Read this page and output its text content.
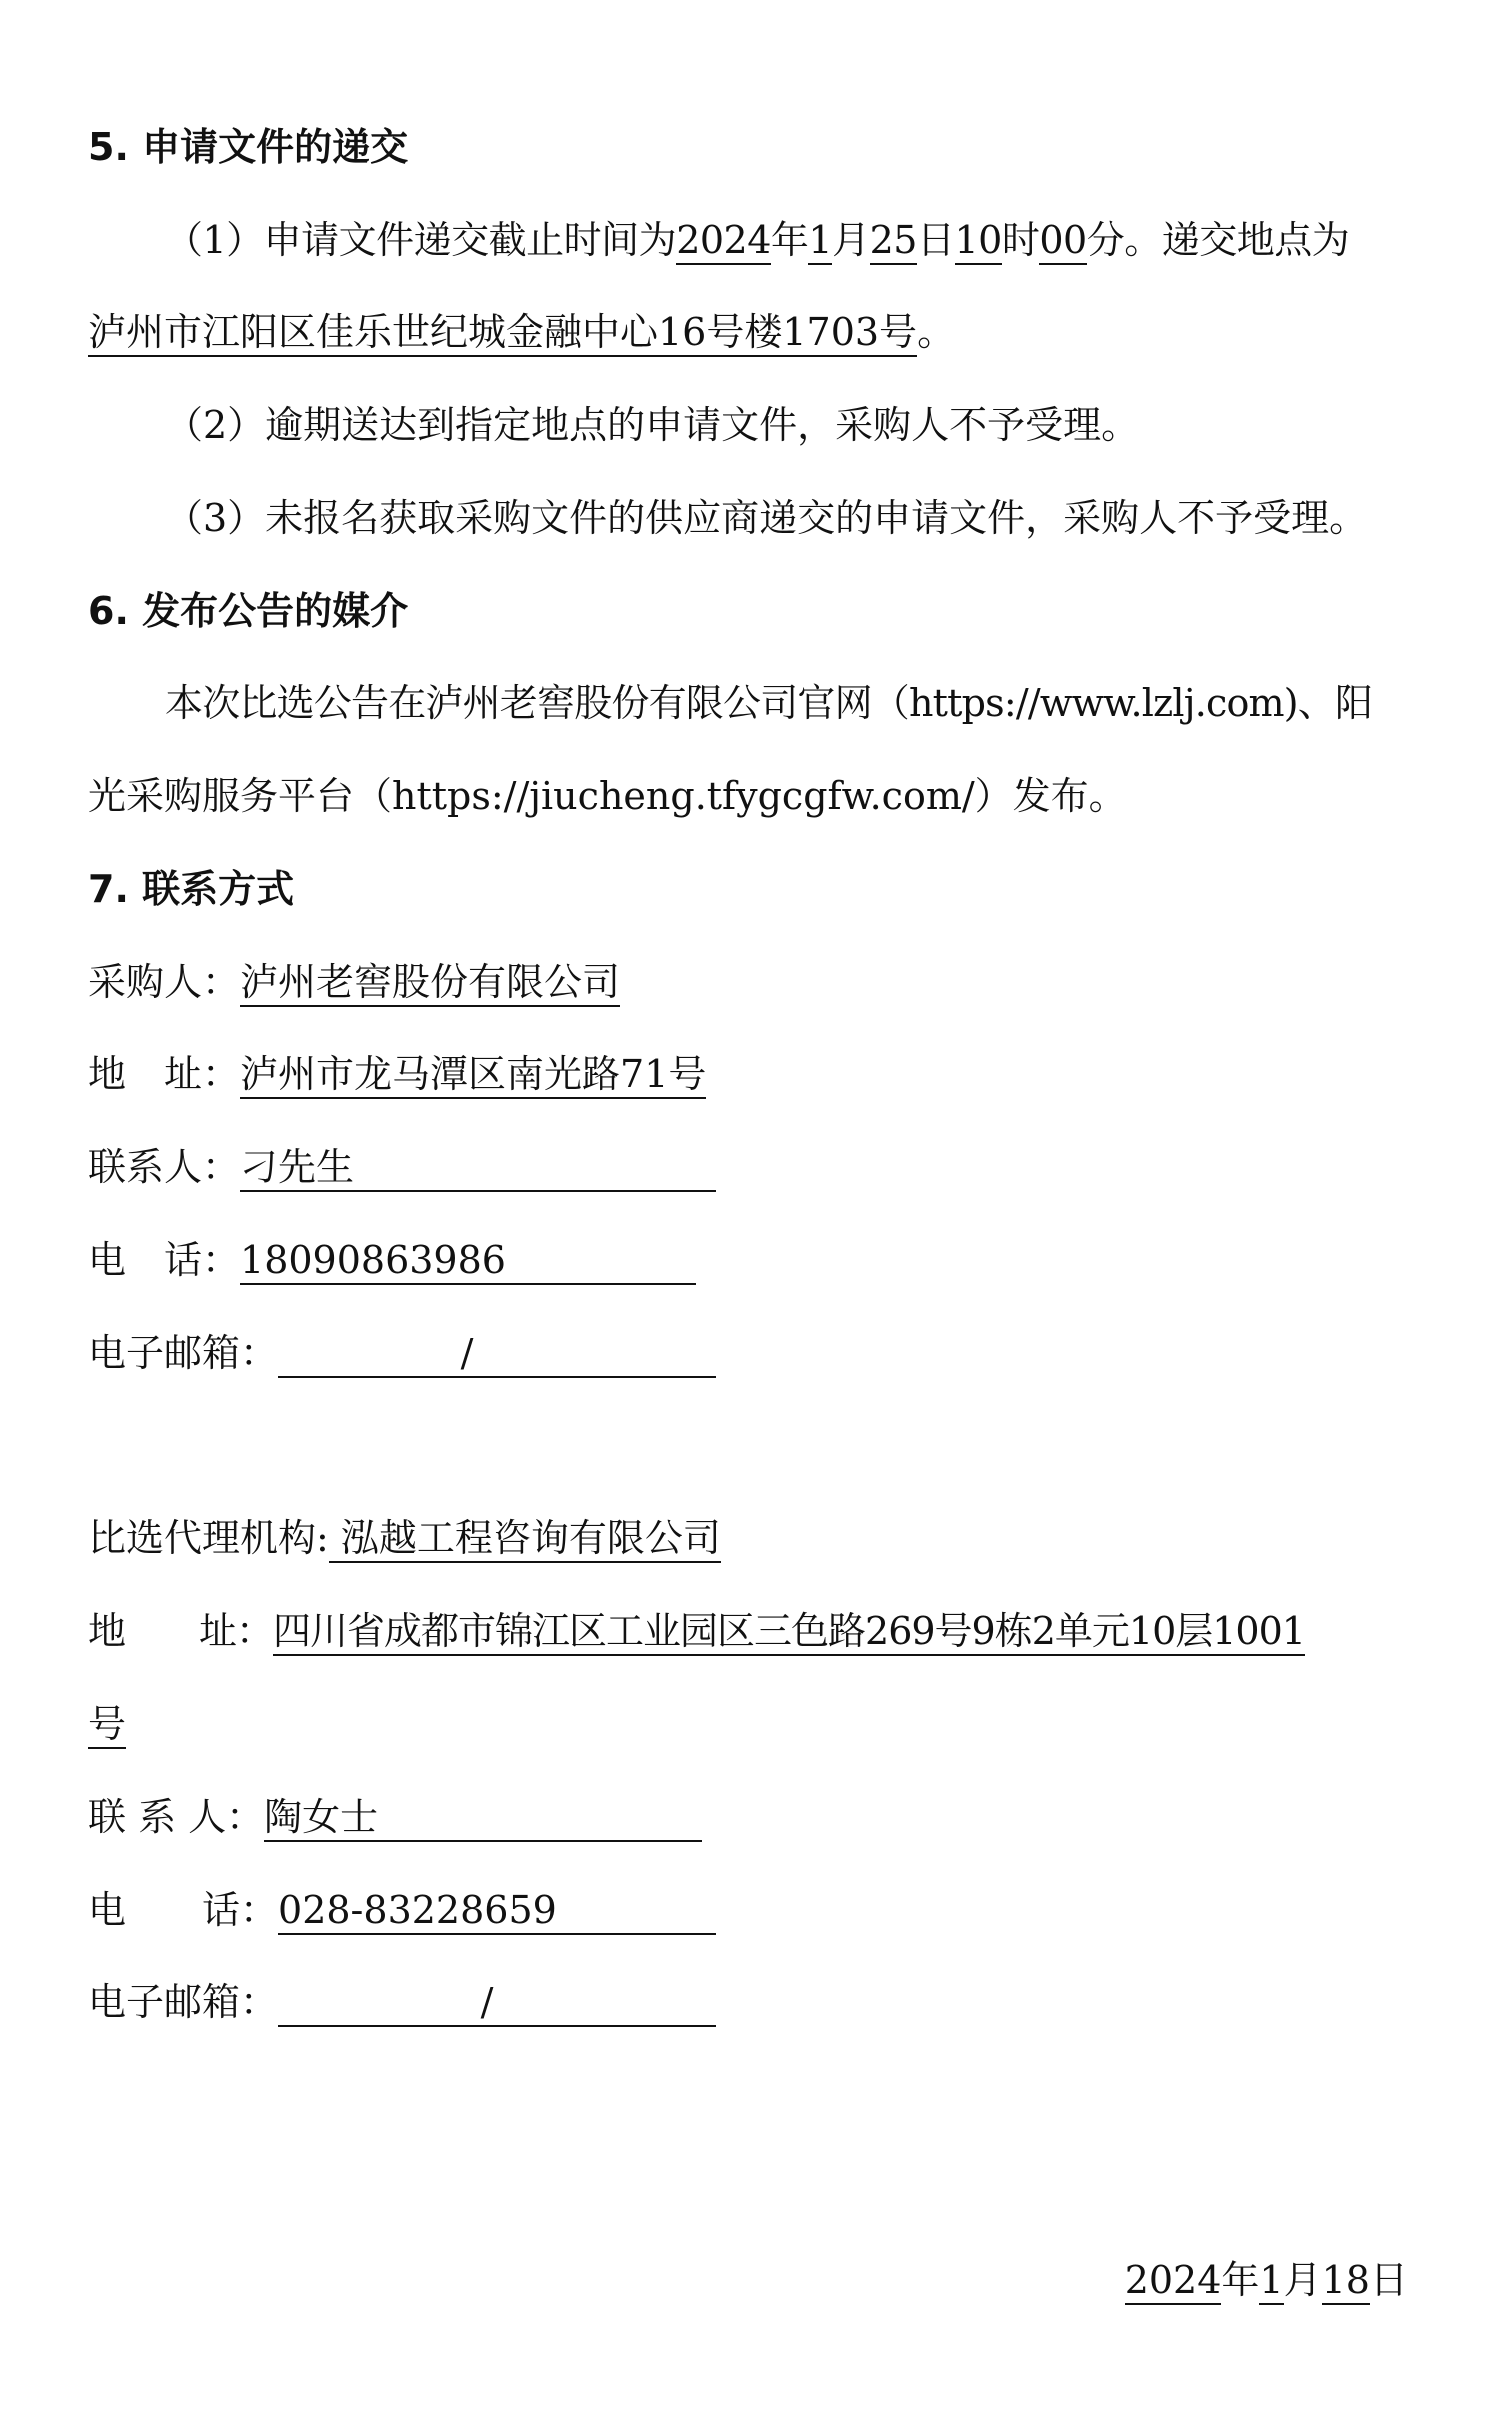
5. 申请文件的递交
（1）申请文件递交截止时间为2024年1月25日10时00分。递交地点为
泸州市江阳区佳乐世纪城金融中心16号楼1703号。
（2）逾期送达到指定地点的申请文件，采购人不予受理。
（3）未报名获取采购文件的供应商递交的申请文件，采购人不予受理。
6. 发布公告的媒介
本次比选公告在泸州老窖股份有限公司官网（https://www.lzlj.com)、阳
光采购服务平台（https://jiucheng.tfygcgfw.com/）发布。
7. 联系方式
采购人：泸州老窖股份有限公司
地　址：泸州市龙马潭区南光路71号
联系人：刁先生
电　话：18090863986
电子邮箱：	/
比选代理机构: 泓越工程咨询有限公司
地　　址：四川省成都市锦江区工业园区三色路269号9栋2单元10层1001
号
联 系 人：陶女士
电　　话：028-83228659
电子邮箱：	/
2024年1月18日
